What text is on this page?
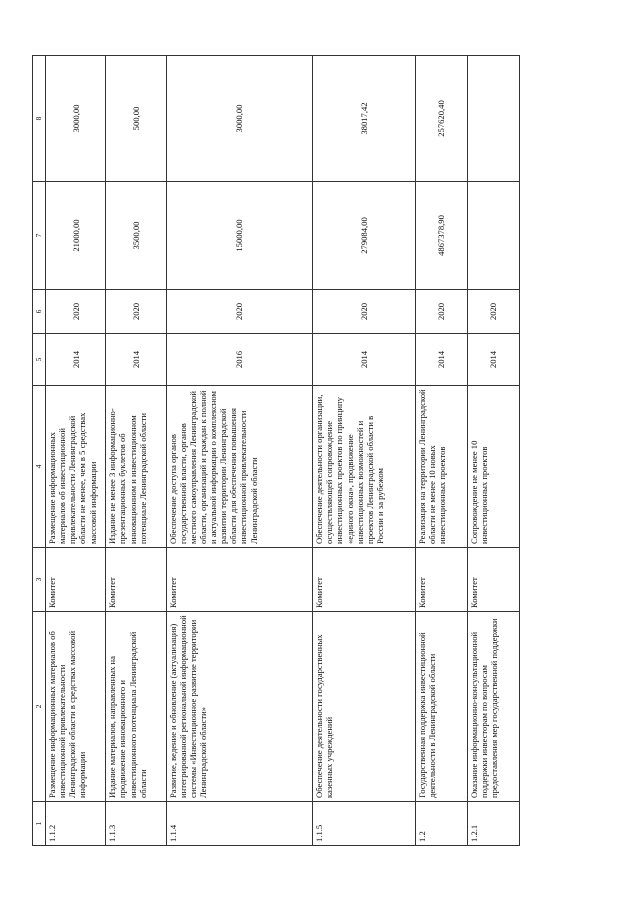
1	2	3	4	5	6	7	8
1.1.2	Размещение информационных материалов об инвестиционной привлекательности Ленинградской области в средствах массовой информации	Комитет	Размещение информационных материалов об инвестиционной привлекательности Ленинградской области не менее, чем в 5 средствах массовой информации	2014	2020	21000,00	3000,00
1.1.3	Издание материалов, направленных на продвижение инновационного и инвестиционного потенциала Ленинградской области	Комитет	Издание не менее 3 информационно-презентационных буклетов об инновационном и инвестиционном потенциале Ленинградской области	2014	2020	3500,00	500,00
1.1.4	Развитие, ведение и обновление (актуализация) интегрированной региональной информационной системы «Инвестиционное развитие территории Ленинградской области»	Комитет	Обеспечение доступа органов государственной власти, органов местного самоуправления Ленинградской области, организаций и граждан к полной и актуальной информации о комплексном развитии территории Ленинградской области для обеспечения повышения инвестиционной привлекательности Ленинградской области	2016	2020	15000,00	3000,00
1.1.5	Обеспечение деятельности государственных казенных учреждений	Комитет	Обеспечение деятельности организации, осуществляющей сопровождение инвестиционных проектов по принципу «единого окна», продвижение инвестиционных возможностей и проектов Ленинградской области в России и за рубежом	2014	2020	279084,00	38017,42
1.2	Государственная поддержка инвестиционной деятельности в Ленинградской области	Комитет	Реализация на территории Ленинградской области не менее 10 новых инвестиционных проектов	2014	2020	4867378,90	257620,40
1.2.1	Оказание информационно-консультационной поддержки инвесторам по вопросам предоставления мер государственной поддержки	Комитет	Сопровождение не менее 10 инвестиционных проектов	2014	2020		
